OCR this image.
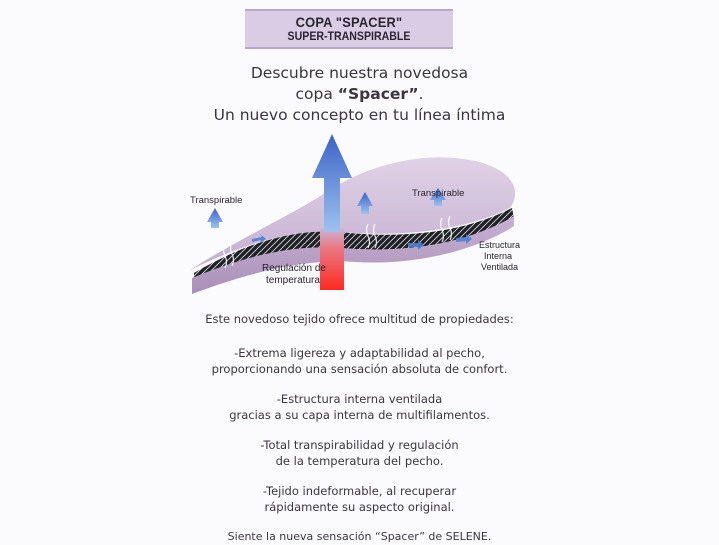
COPA "SPACER"
SUPER-TRANSPIRABLE
Descubre nuestra novedosa
copa “Spacer”.
Un nuevo concepto en tu línea íntima
Transpirable
Transpirable
Regulación de
temperatura
Estructura
Interna
Ventilada

Este novedoso tejido ofrece multitud de propiedades:

-Extrema ligereza y adaptabilidad al pecho,

proporcionando una sensación absoluta de confort.

-Estructura interna ventilada

gracias a su capa interna de multifilamentos.

-Total transpirabilidad y regulación

de la temperatura del pecho.

-Tejido indeformable, al recuperar

rápidamente su aspecto original.

Siente la nueva sensación “Spacer” de SELENE.
